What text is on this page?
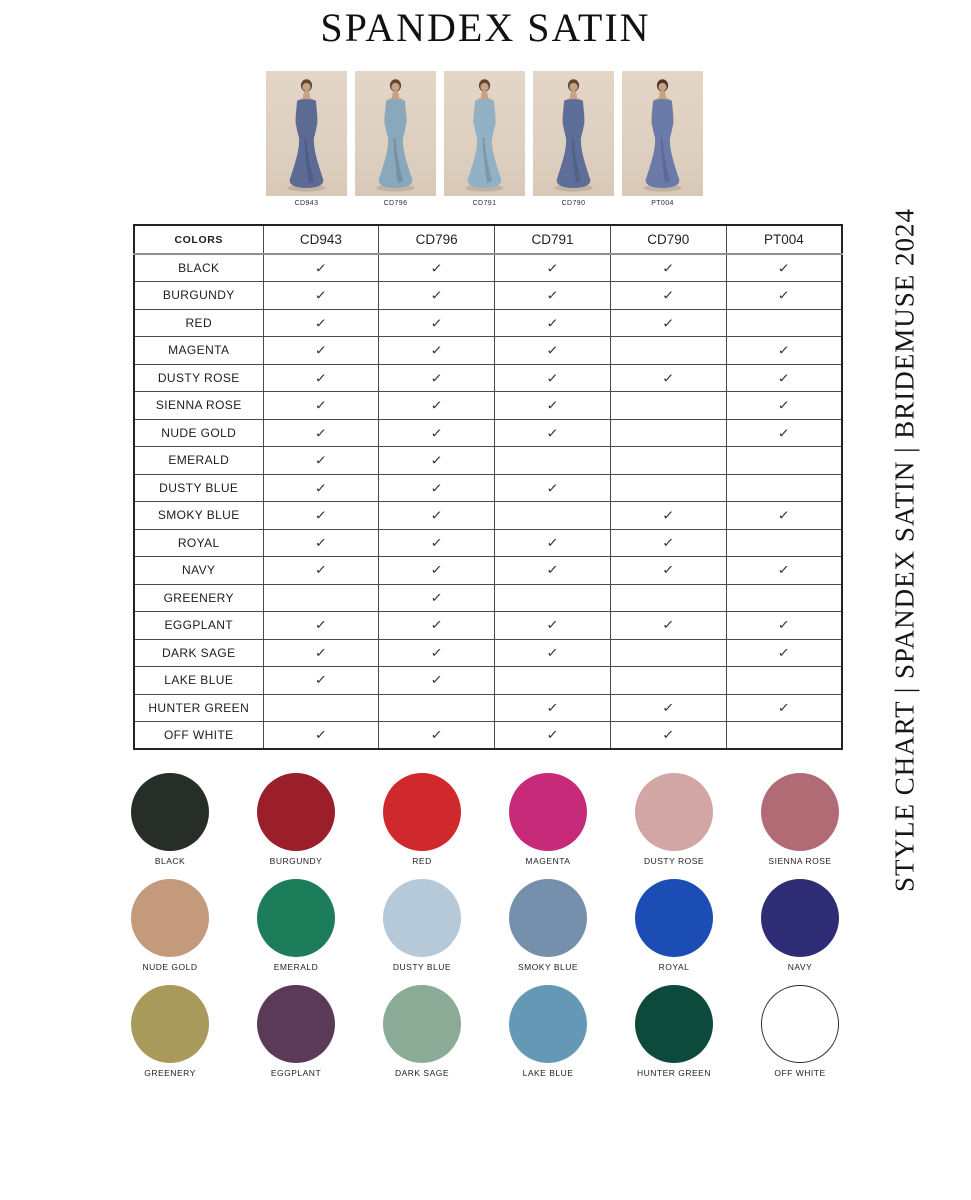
SPANDEX SATIN
CD943	CD796	CD791	CD790	PT004
COLORS	CD943	CD796	CD791	CD790	PT004
BLACK	✓	✓	✓	✓	✓
BURGUNDY	✓	✓	✓	✓	✓
RED	✓	✓	✓	✓	
MAGENTA	✓	✓	✓		✓
DUSTY ROSE	✓	✓	✓	✓	✓
SIENNA ROSE	✓	✓	✓		✓
NUDE GOLD	✓	✓	✓		✓
EMERALD	✓	✓			
DUSTY BLUE	✓	✓	✓		
SMOKY BLUE	✓	✓		✓	✓
ROYAL	✓	✓	✓	✓	
NAVY	✓	✓	✓	✓	✓
GREENERY		✓			
EGGPLANT	✓	✓	✓	✓	✓
DARK SAGE	✓	✓	✓		✓
LAKE BLUE	✓	✓			
HUNTER GREEN			✓	✓	✓
OFF WHITE	✓	✓	✓	✓		STYLE CHART | SPANDEX SATIN | BRIDEMUSE 2024
BLACK	BURGUNDY	RED	MAGENTA	DUSTY ROSE	SIENNA ROSE
NUDE GOLD	EMERALD	DUSTY BLUE	SMOKY BLUE	ROYAL	NAVY
GREENERY	EGGPLANT	DARK SAGE	LAKE BLUE	HUNTER GREEN	OFF WHITE
